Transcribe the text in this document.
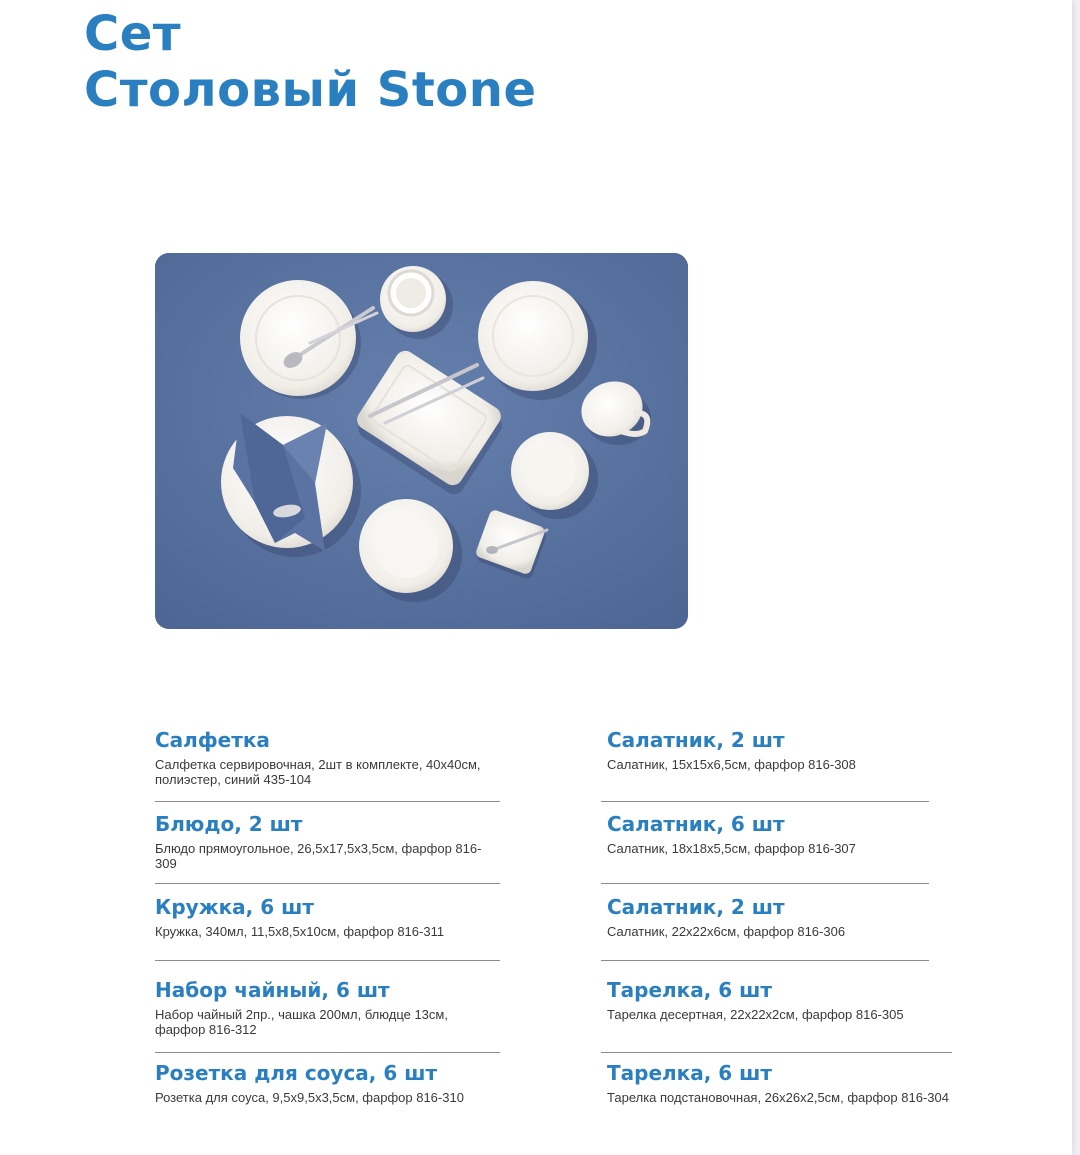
Сет
Столовый Stone

Салфетка

Салфетка сервировочная, 2шт в комплекте, 40х40см, полиэстер, синий 435-104

Блюдо, 2 шт

Блюдо прямоугольное, 26,5х17,5х3,5см, фарфор 816-309

Кружка, 6 шт

Кружка, 340мл, 11,5х8,5х10см, фарфор 816-311

Набор чайный, 6 шт

Набор чайный 2пр., чашка 200мл, блюдце 13см, фарфор 816-312

Розетка для соуса, 6 шт

Розетка для соуса, 9,5х9,5х3,5см, фарфор 816-310

Салатник, 2 шт

Салатник, 15х15х6,5см, фарфор 816-308

Салатник, 6 шт

Салатник, 18х18х5,5см, фарфор 816-307

Салатник, 2 шт

Салатник, 22х22х6см, фарфор 816-306

Тарелка, 6 шт

Тарелка десертная, 22х22х2см, фарфор 816-305

Тарелка, 6 шт

Тарелка подстановочная, 26х26х2,5см, фарфор 816-304
